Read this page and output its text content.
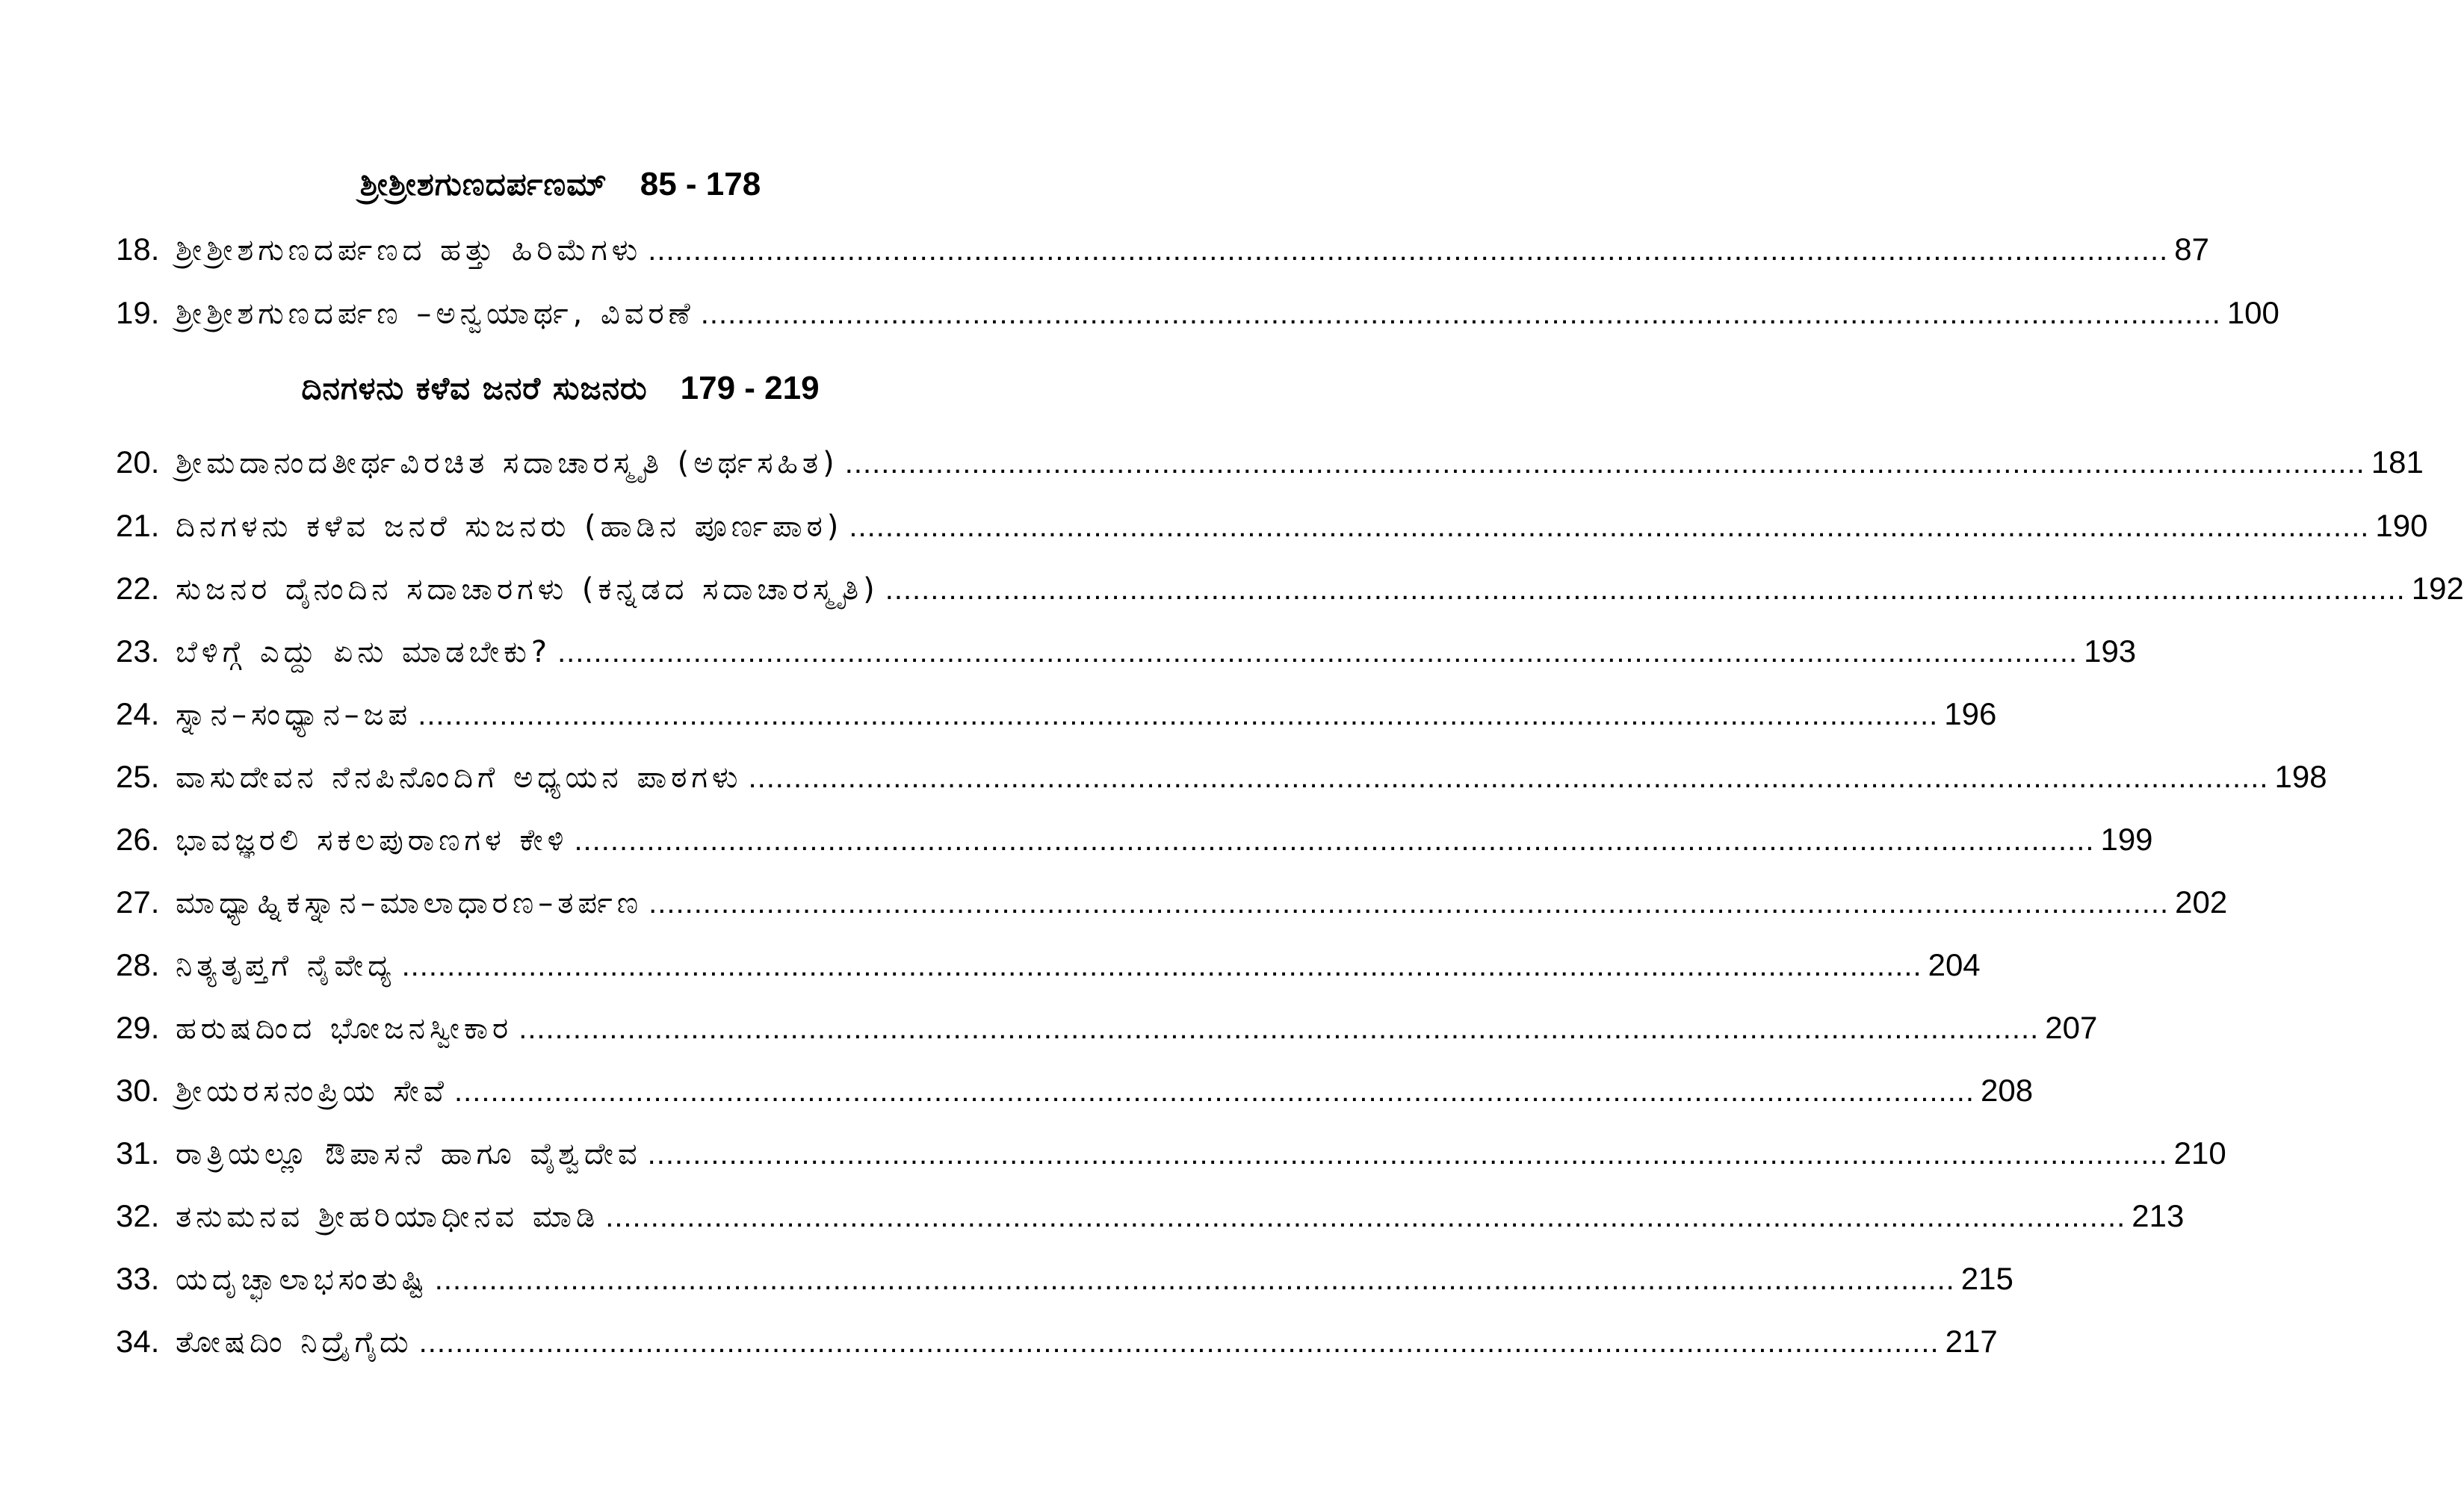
ಶ್ರೀಶ್ರೀಶಗುಣದರ್ಪಣಮ್ 85 - 178
18. ಶ್ರೀಶ್ರೀಶಗುಣದರ್ಪಣದ ಹತ್ತು ಹಿರಿಮೆಗಳು .....	87
19. ಶ್ರೀಶ್ರೀಶಗುಣದರ್ಪಣ –ಅನ್ವಯಾರ್ಥ, ವಿವರಣೆ .....	100
ದಿನಗಳನು ಕಳೆವ ಜನರೆ ಸುಜನರು 179 - 219
20. ಶ್ರೀಮದಾನಂದತೀರ್ಥವಿರಚಿತ ಸದಾಚಾರಸ್ಮೃತಿ (ಅರ್ಥಸಹಿತ) .....	181
21. ದಿನಗಳನು ಕಳೆವ ಜನರೆ ಸುಜನರು (ಹಾಡಿನ ಪೂರ್ಣಪಾಠ) .....	190
22. ಸುಜನರ ದೈನಂದಿನ ಸದಾಚಾರಗಳು (ಕನ್ನಡದ ಸದಾಚಾರಸ್ಮೃತಿ) .....	192
23. ಬೆಳಿಗ್ಗೆ ಎದ್ದು ಏನು ಮಾಡಬೇಕು? .....	193
24. ಸ್ನಾನ–ಸಂಧ್ಯಾನ–ಜಪ .....	196
25. ವಾಸುದೇವನ ನೆನಪಿನೊಂದಿಗೆ ಅಧ್ಯಯನ ಪಾಠಗಳು .....	198
26. ಭಾವಜ್ಞರಲಿ ಸಕಲಪುರಾಣಗಳ ಕೇಳಿ .....	199
27. ಮಾಧ್ಯಾಹ್ನಿಕಸ್ನಾನ–ಮಾಲಾಧಾರಣ–ತರ್ಪಣ .....	202
28. ನಿತ್ಯತೃಪ್ತಗೆ ನೈವೇದ್ಯ .....	204
29. ಹರುಷದಿಂದ ಭೋಜನಸ್ವೀಕಾರ .....	207
30. ಶ್ರೀಯರಸನಂಪ್ರಿಯ ಸೇವೆ .....	208
31. ರಾತ್ರಿಯಲ್ಲೂ ಔಪಾಸನೆ ಹಾಗೂ ವೈಶ್ವದೇವ .....	210
32. ತನುಮನವ ಶ್ರೀಹರಿಯಾಧೀನವ ಮಾಡಿ .....	213
33. ಯದೃಚ್ಛಾಲಾಭಸಂತುಷ್ಟಿ .....	215
34. ತೋಷದಿಂ ನಿದ್ರೈಗೈದು .....	217
